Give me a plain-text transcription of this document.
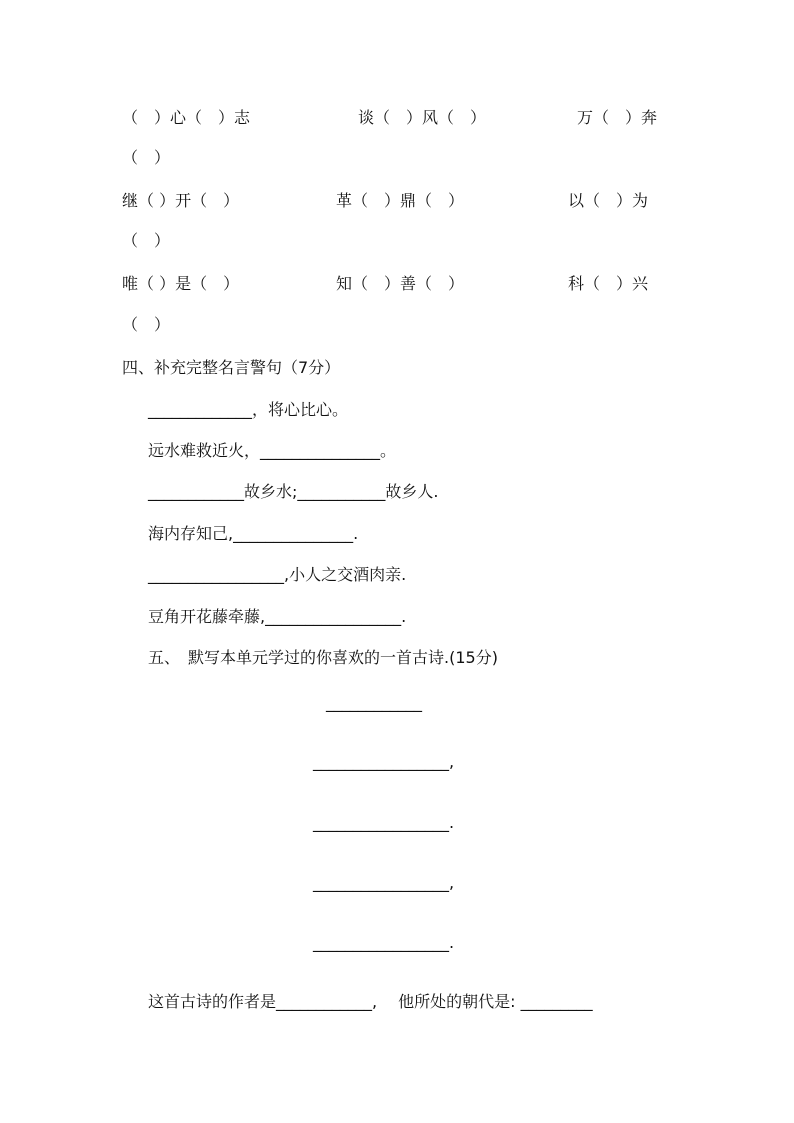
（　）心（　）志	谈（　）风（　）	万（　）奔
（　）
继（ ）开（　）	革（　）鼎（　）	以（　）为
（　）
唯（ ）是（　）	知（　）善（　）	科（　）兴
（　）
四、补充完整名言警句（7分）
_____________，将心比心。
远水难救近火，_______________。
____________故乡水;___________故乡人.
海内存知己,_______________.
_________________,小人之交酒肉亲.
豆角开花藤牵藤,_________________.
五、　默写本单元学过的你喜欢的一首古诗.(15分)
____________
_________________,
_________________.
_________________,
_________________.
这首古诗的作者是____________,　 他所处的朝代是: _________
